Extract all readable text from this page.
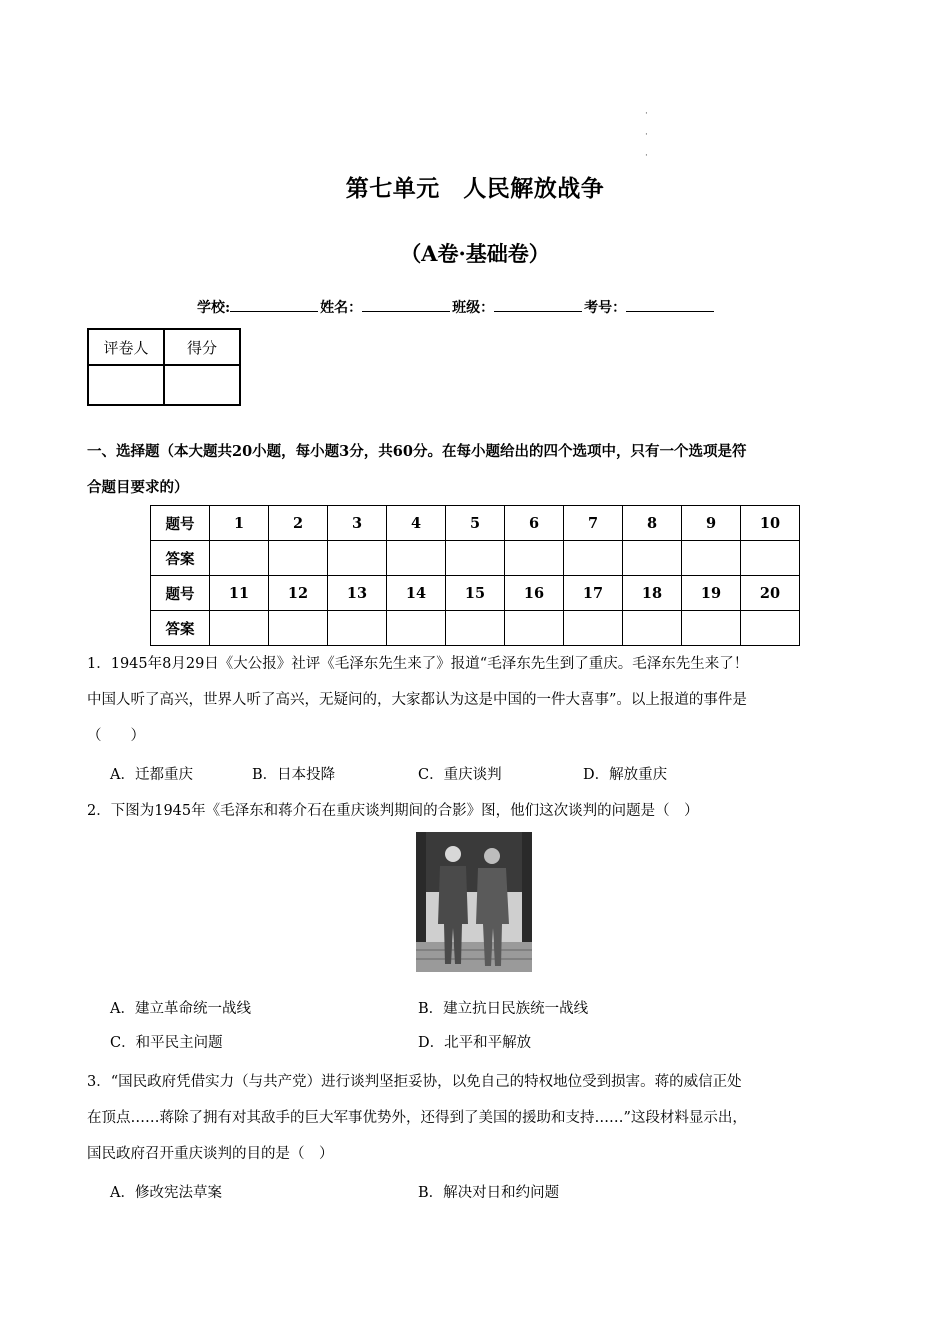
·
·
·
第七单元　人民解放战争
（A卷·基础卷）
学校:	姓名：	班级：	考号：
评卷人	得分

一、选择题（本大题共20小题，每小题3分，共60分。在每小题给出的四个选项中，只有一个选项是符
合题目要求的）
题号	1	2	3	4	5	6	7	8	9	10
答案										
题号	11	12	13	14	15	16	17	18	19	20
答案										
1．1945年8月29日《大公报》社评《毛泽东先生来了》报道“毛泽东先生到了重庆。毛泽东先生来了！
中国人听了高兴，世界人听了高兴，无疑问的，大家都认为这是中国的一件大喜事”。以上报道的事件是
（　　）
A．迁都重庆	B．日本投降	C．重庆谈判	D．解放重庆
2．下图为1945年《毛泽东和蒋介石在重庆谈判期间的合影》图，他们这次谈判的问题是（　）
A．建立革命统一战线	B．建立抗日民族统一战线
C．和平民主问题	D．北平和平解放
3．“国民政府凭借实力（与共产党）进行谈判坚拒妥协，以免自己的特权地位受到损害。蒋的威信正处
在顶点……蒋除了拥有对其敌手的巨大军事优势外，还得到了美国的援助和支持……”这段材料显示出，
国民政府召开重庆谈判的目的是（　）
A．修改宪法草案	B．解决对日和约问题
